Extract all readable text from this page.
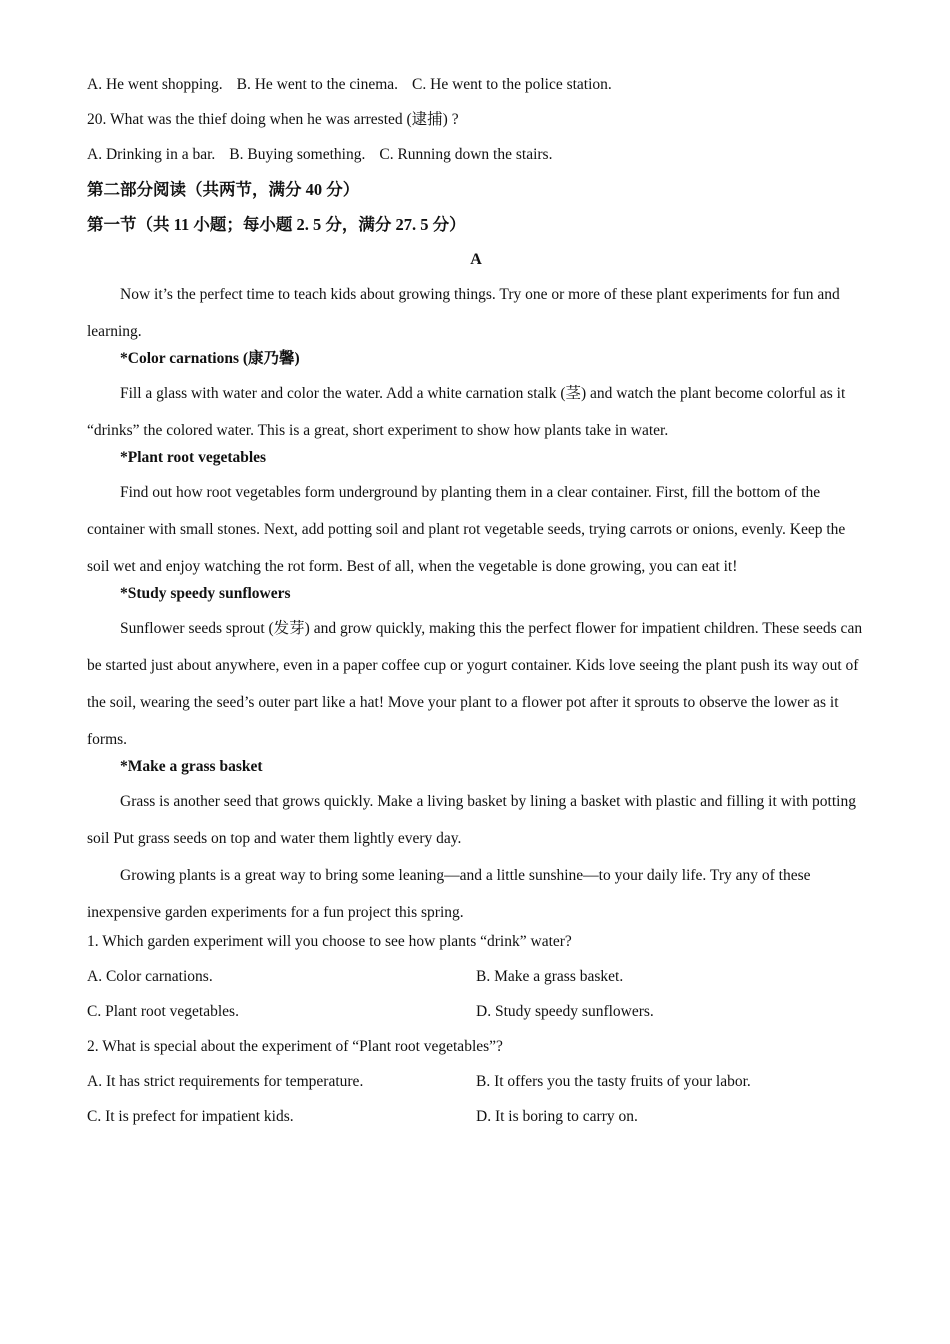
A. He went shopping. B. He went to the cinema. C. He went to the police station.

20. What was the thief doing when he was arrested (逮捕) ?

A. Drinking in a bar. B. Buying something. C. Running down the stairs.

第二部分阅读（共两节，满分 40 分）

第一节（共 11 小题；每小题 2. 5 分，满分 27. 5 分）

A

Now it’s the perfect time to teach kids about growing things. Try one or more of these plant experiments for fun and learning.

*Color carnations (康乃馨)

Fill a glass with water and color the water. Add a white carnation stalk (茎) and watch the plant become colorful as it “drinks” the colored water. This is a great, short experiment to show how plants take in water.

*Plant root vegetables

Find out how root vegetables form underground by planting them in a clear container. First, fill the bottom of the container with small stones. Next, add potting soil and plant rot vegetable seeds, trying carrots or onions, evenly. Keep the soil wet and enjoy watching the rot form. Best of all, when the vegetable is done growing, you can eat it!

*Study speedy sunflowers

Sunflower seeds sprout (发芽) and grow quickly, making this the perfect flower for impatient children. These seeds can be started just about anywhere, even in a paper coffee cup or yogurt container. Kids love seeing the plant push its way out of the soil, wearing the seed’s outer part like a hat! Move your plant to a flower pot after it sprouts to observe the lower as it forms.

*Make a grass basket

Grass is another seed that grows quickly. Make a living basket by lining a basket with plastic and filling it with potting soil Put grass seeds on top and water them lightly every day.

Growing plants is a great way to bring some leaning—and a little sunshine—to your daily life. Try any of these inexpensive garden experiments for a fun project this spring.

1. Which garden experiment will you choose to see how plants “drink” water?

A. Color carnations.	B. Make a grass basket.
C. Plant root vegetables.	D. Study speedy sunflowers.

2. What is special about the experiment of “Plant root vegetables”?

A. It has strict requirements for temperature.	B. It offers you the tasty fruits of your labor.
C. It is prefect for impatient kids.	D. It is boring to carry on.
